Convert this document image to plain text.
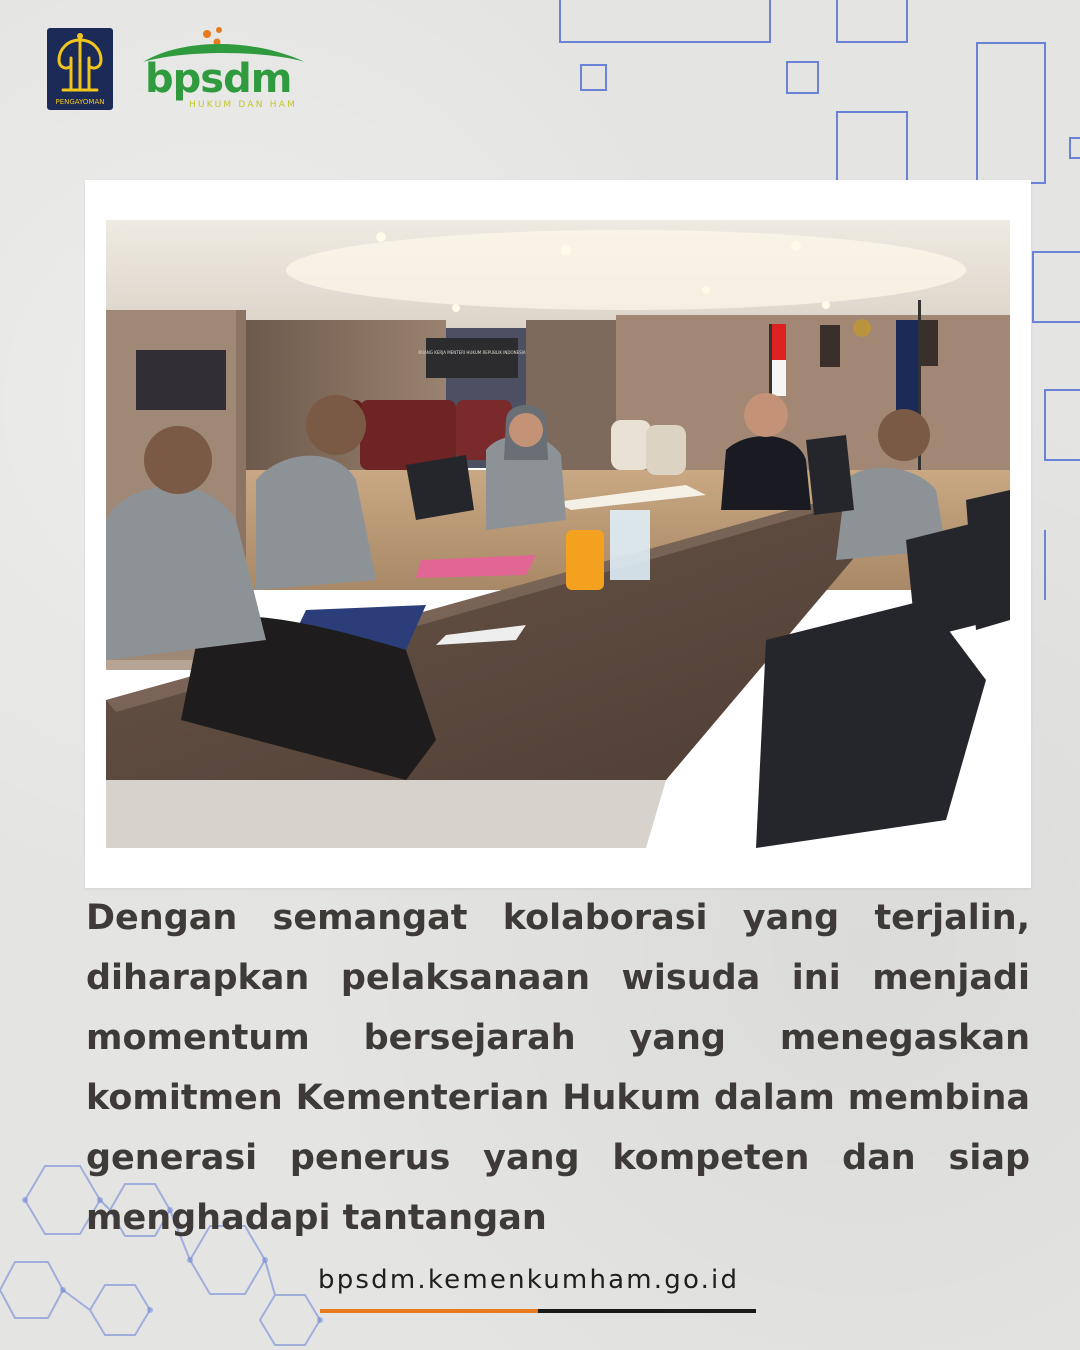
PENGAYOMAN bpsdm
HUKUM DAN HAM
RUANG KERJA MENTERI HUKUM REPUBLIK INDONESIA

Dengan semangat kolaborasi yang terjalin, diharapkan pelaksanaan wisuda ini menjadi momentum bersejarah yang menegaskan komitmen Kementerian Hukum dalam membina generasi penerus yang kompeten dan siap menghadapi tantangan

bpsdm.kemenkumham.go.id
